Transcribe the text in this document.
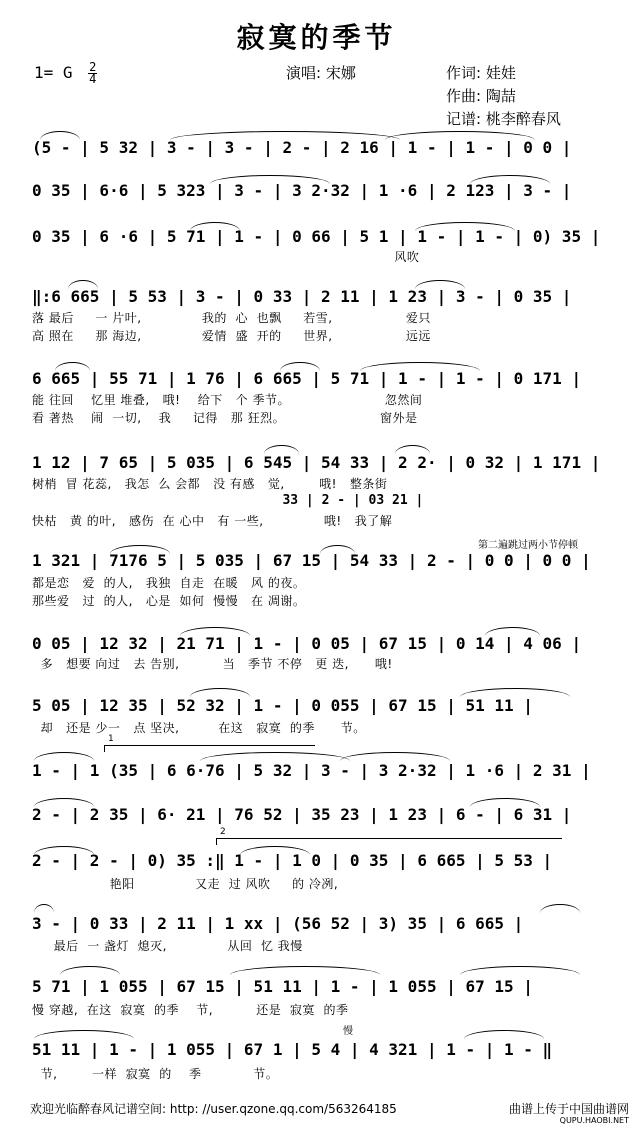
寂寞的季节
1= G $\frac{2}{4}$	演唱: 宋娜	作词: 娃娃
作曲: 陶喆
记谱: 桃李醉春风
(5 - | 5 32 | 3 - | 3 - | 2 - | 2 16 | 1 - | 1 - | 0 0 |
0 35 | 6·6 | 5 323 | 3 - | 3 2·32 | 1 ·6 | 2 123 | 3 - |
0 35 | 6 ·6 | 5 71 | 1 - | 0 66 | 5 1 | 1 - | 1 - | 0) 35 |
风吹
‖:6 665 | 5 53 | 3 - | 0 33 | 2 11 | 1 23 | 3 - | 0 35 |
落 最后     一 片叶,              我的  心  也飘     若雪,                 爱只
高 照在     那 海边,              爱情  盛  开的     世界,                 远远
6 665 | 55 71 | 1 76 | 6 665 | 5 71 | 1 - | 1 - | 0 171 |
能 往回    忆里 堆叠,   哦!    给下   个 季节。                      忽然间
看 著热    闹  一切,    我     记得   那 狂烈。                      窗外是
1 12 | 7 65 | 5 035 | 6 545 | 54 33 | 2 2· | 0 32 | 1 171 |
树梢  冒 花蕊,   我怎  么 会都   没 有感   觉,        哦!   整条街
33 | 2 - | 03 21 |
快枯   黄 的叶,   感伤  在 心中   有 一些,              哦!   我了解
第二遍跳过两小节停顿
1 321 | 7176 5 | 5 035 | 67 15 | 54 33 | 2 - | 0 0 | 0 0 |
都是恋   爱  的人,   我独  自走  在暖   风 的夜。
那些爱   过  的人,   心是  如何  慢慢   在 凋谢。
0 05 | 12 32 | 21 71 | 1 - | 0 05 | 67 15 | 0 14 | 4 06 |
多   想要 向过   去 告别,          当   季节 不停   更 迭,      哦!
5 05 | 12 35 | 52 32 | 1 - | 0 055 | 67 15 | 51 11 |
却   还是 少一   点 坚决,         在这   寂寞  的季      节。
1
1 - | 1 (35 | 6 6·76 | 5 32 | 3 - | 3 2·32 | 1 ·6 | 2 31 |
2 - | 2 35 | 6· 21 | 76 52 | 35 23 | 1 23 | 6 - | 6 31 |
2
2 - | 2 - | 0) 35 :‖ 1 - | 1 0 | 0 35 | 6 665 | 5 53 |
艳阳              又走  过 风吹     的 冷冽,
3 - | 0 33 | 2 11 | 1 xx | (56 52 | 3) 35 | 6 665 |
最后  一 盏灯  熄灭,              从回  忆 我慢
5 71 | 1 055 | 67 15 | 51 11 | 1 - | 1 055 | 67 15 |
慢 穿越,  在这  寂寞  的季    节,          还是  寂寞  的季
慢
51 11 | 1 - | 1 055 | 67 1 | 5 4 | 4 321 | 1 - | 1 - ‖
节,        一样  寂寞  的    季            节。
欢迎光临醉春风记谱空间: http: //user.qzone.qq.com/563264185	曲谱上传于中国曲谱网
QUPU.HAOBI.NET
